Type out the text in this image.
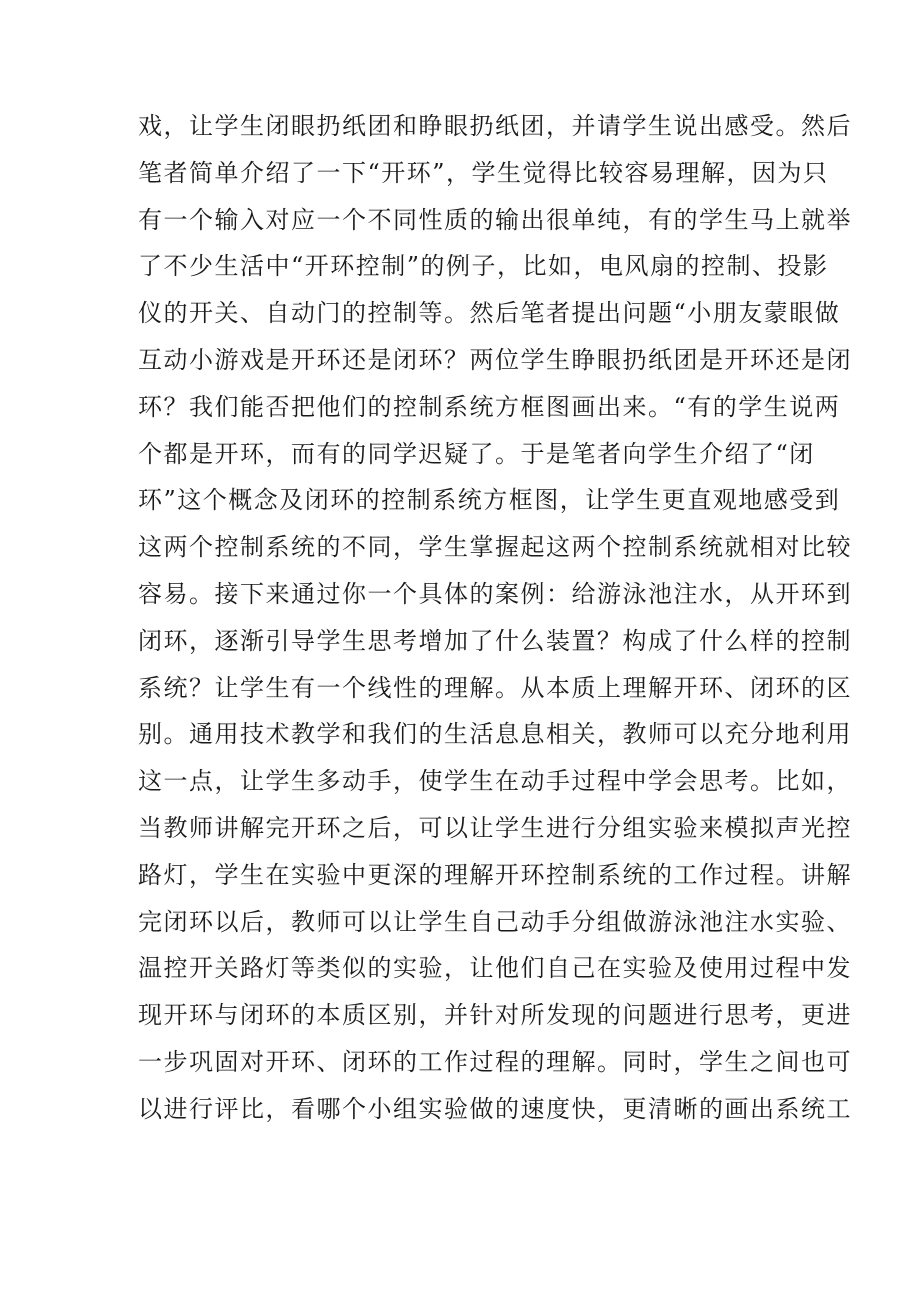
戏，让学生闭眼扔纸团和睁眼扔纸团，并请学生说出感受。然后
笔者简单介绍了一下“开环”，学生觉得比较容易理解，因为只
有一个输入对应一个不同性质的输出很单纯，有的学生马上就举
了不少生活中“开环控制”的例子，比如，电风扇的控制、投影
仪的开关、自动门的控制等。然后笔者提出问题“小朋友蒙眼做
互动小游戏是开环还是闭环？两位学生睁眼扔纸团是开环还是闭
环？我们能否把他们的控制系统方框图画出来。“有的学生说两
个都是开环，而有的同学迟疑了。于是笔者向学生介绍了“闭
环”这个概念及闭环的控制系统方框图，让学生更直观地感受到
这两个控制系统的不同，学生掌握起这两个控制系统就相对比较
容易。接下来通过你一个具体的案例：给游泳池注水，从开环到
闭环，逐渐引导学生思考增加了什么装置？构成了什么样的控制
系统？让学生有一个线性的理解。从本质上理解开环、闭环的区
别。通用技术教学和我们的生活息息相关，教师可以充分地利用
这一点，让学生多动手，使学生在动手过程中学会思考。比如，
当教师讲解完开环之后，可以让学生进行分组实验来模拟声光控
路灯，学生在实验中更深的理解开环控制系统的工作过程。讲解
完闭环以后，教师可以让学生自己动手分组做游泳池注水实验、
温控开关路灯等类似的实验，让他们自己在实验及使用过程中发
现开环与闭环的本质区别，并针对所发现的问题进行思考，更进
一步巩固对开环、闭环的工作过程的理解。同时，学生之间也可
以进行评比，看哪个小组实验做的速度快，更清晰的画出系统工
